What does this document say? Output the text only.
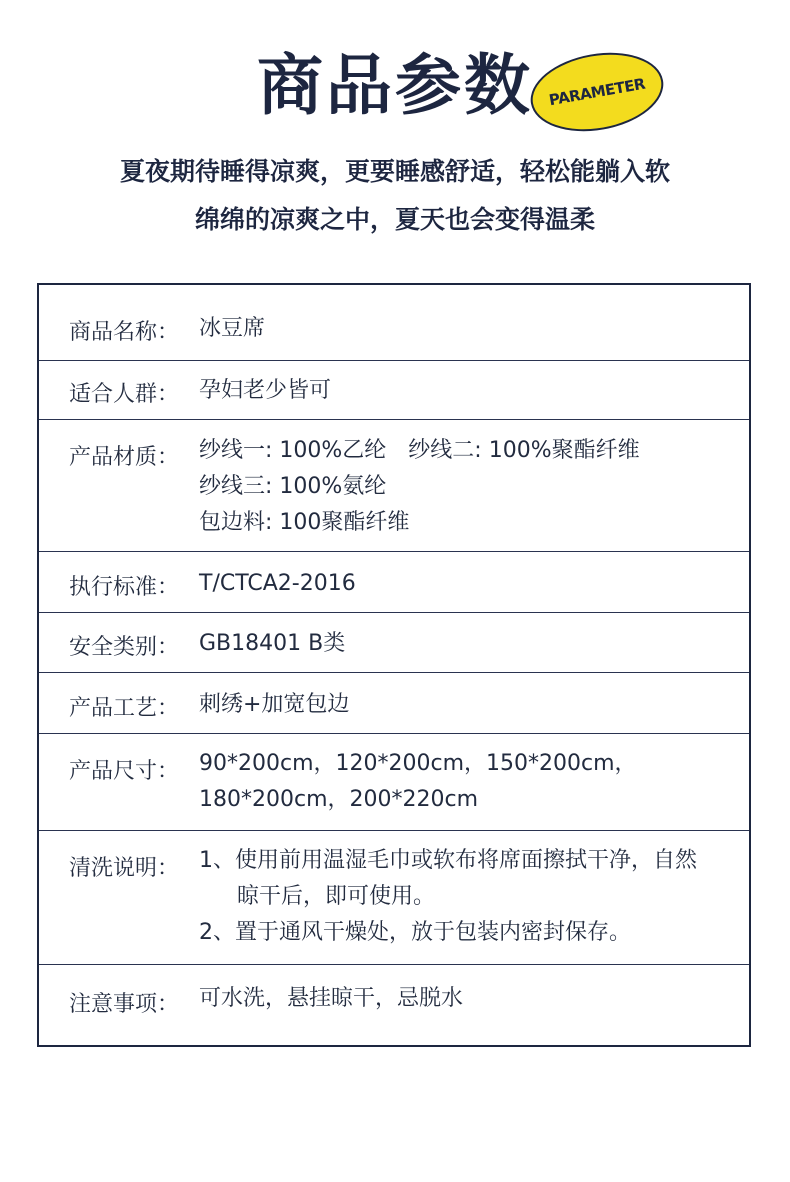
商品参数 PARAMETER
夏夜期待睡得凉爽，更要睡感舒适，轻松能躺入软
绵绵的凉爽之中，夏天也会变得温柔
商品名称： 冰豆席
适合人群： 孕妇老少皆可
产品材质： 纱线一: 100%乙纶　纱线二: 100%聚酯纤维
纱线三: 100%氨纶
包边料: 100聚酯纤维
执行标准： T/CTCA2-2016
安全类别： GB18401 B类
产品工艺： 刺绣+加宽包边
产品尺寸： 90*200cm，120*200cm，150*200cm，
180*200cm，200*220cm
清洗说明： 1、使用前用温湿毛巾或软布将席面擦拭干净，自然
晾干后，即可使用。
2、置于通风干燥处，放于包装内密封保存。
注意事项： 可水洗，悬挂晾干，忌脱水
